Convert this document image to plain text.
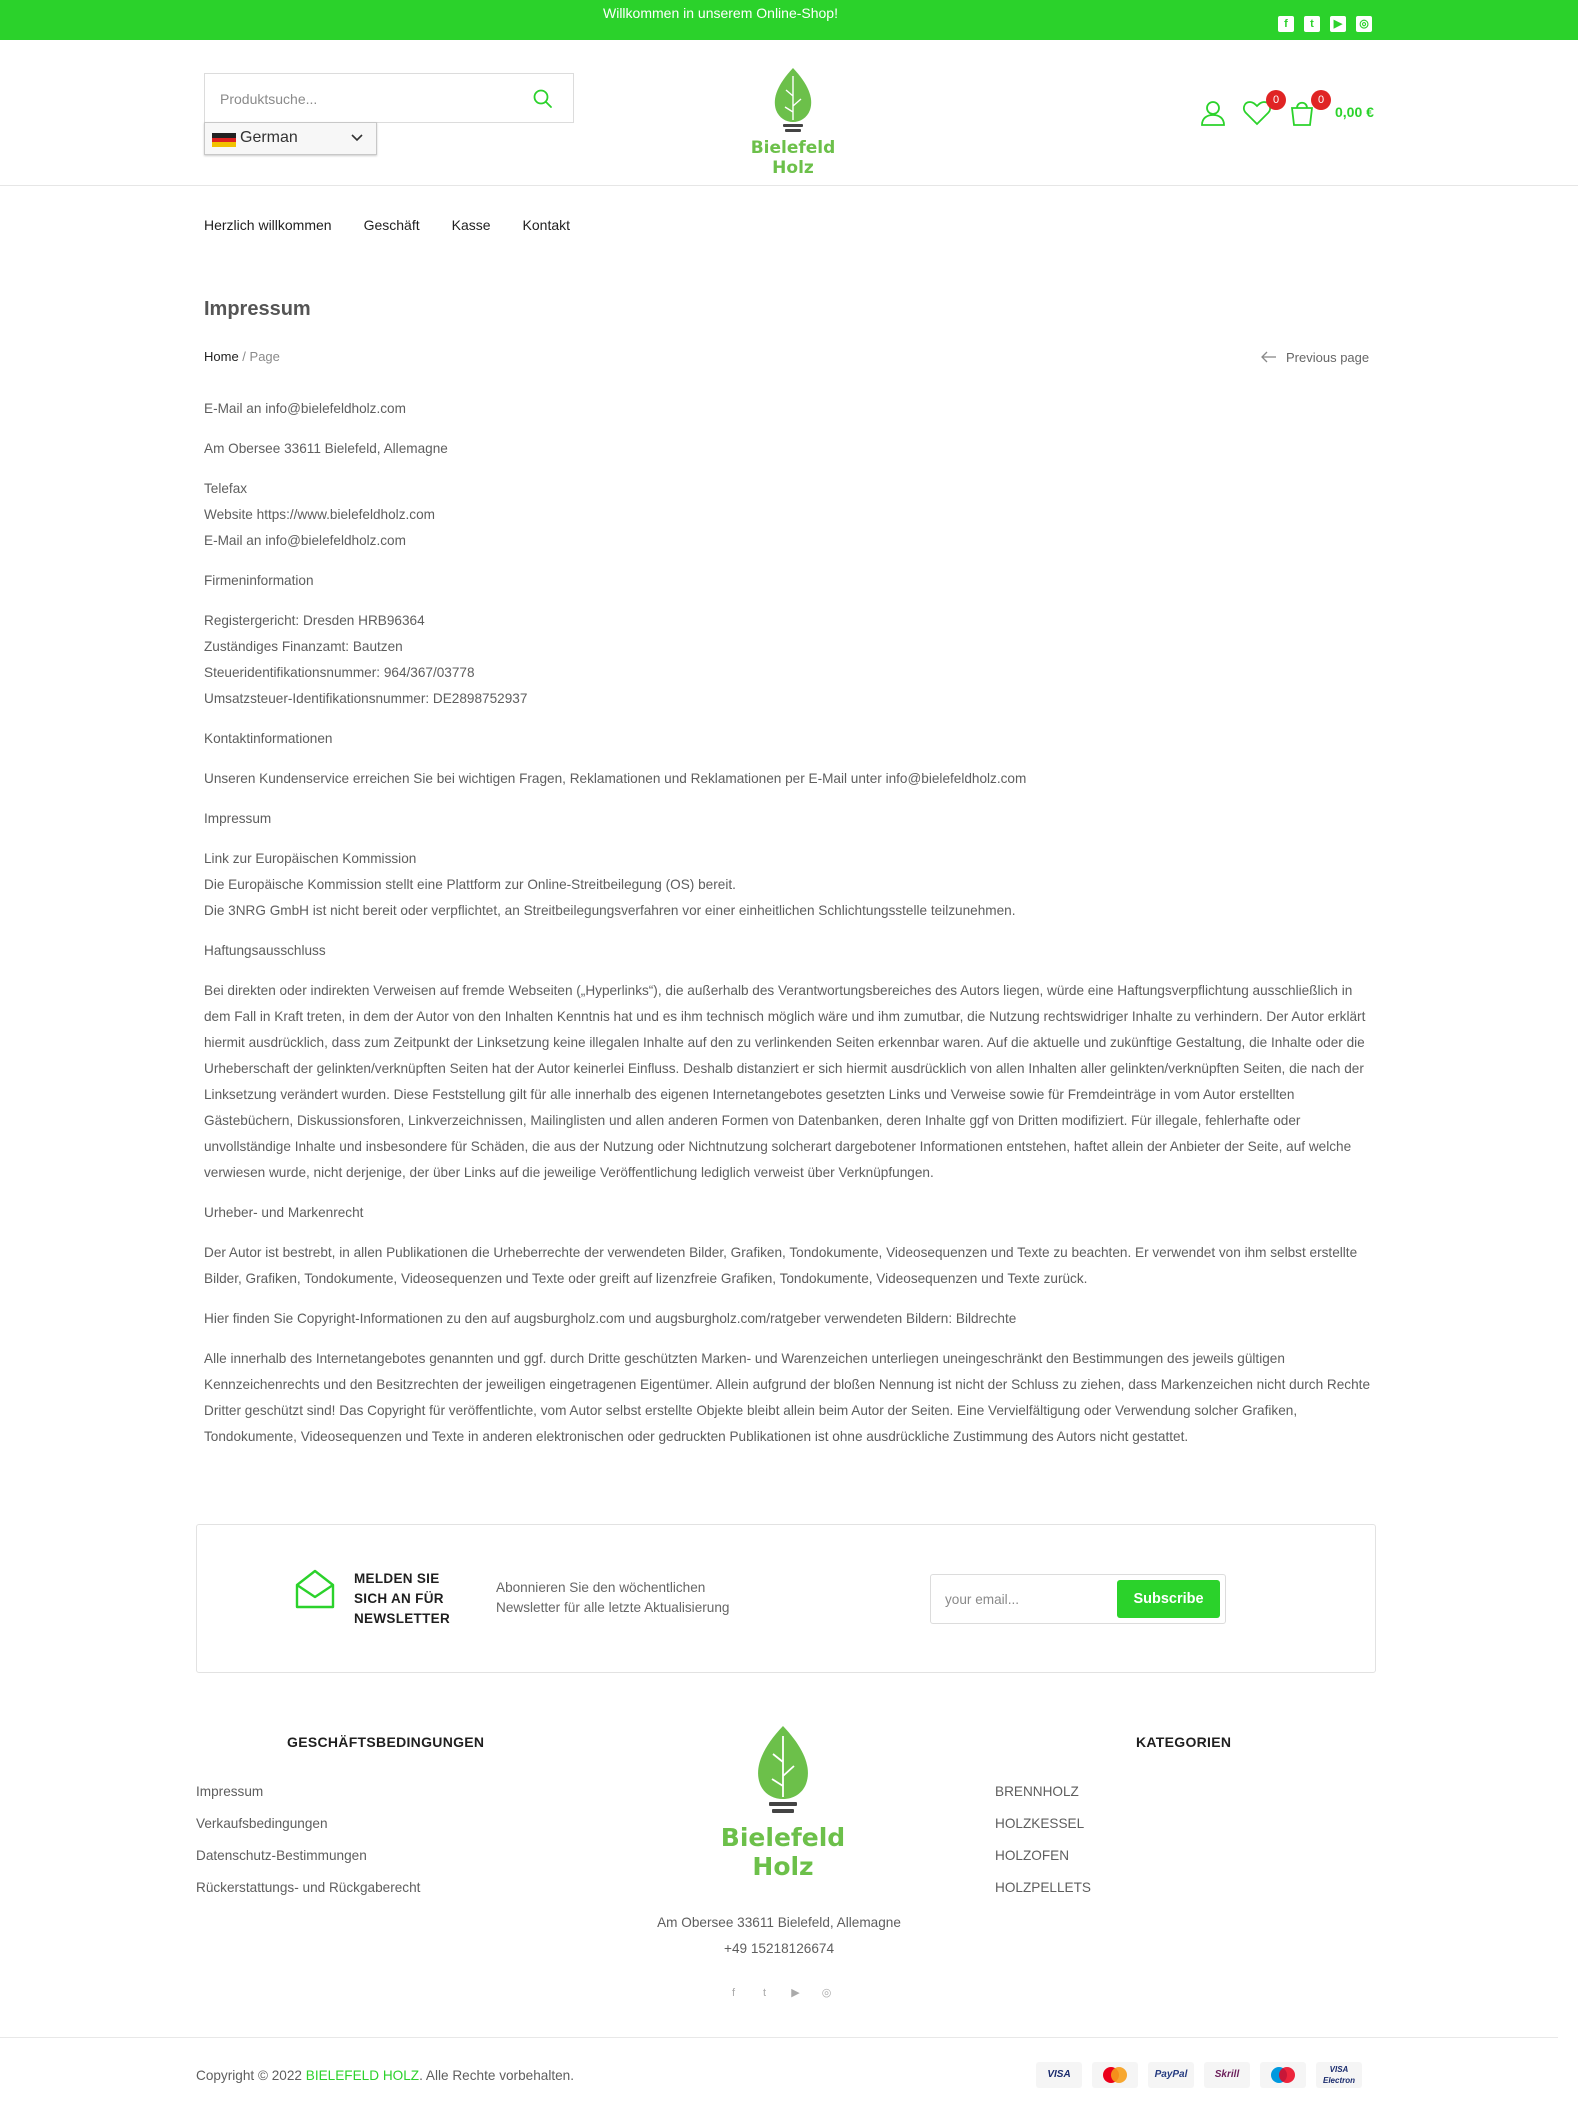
Willkommen in unserem Online-Shop!
f	t	▶	◎
Produktsuche...
German
Bielefeld Holz
0	0
0,00 €
Herzlich willkommen Geschäft Kasse Kontakt
Impressum
Home / Page	Previous page

E-Mail an info@bielefeldholz.com

Am Obersee 33611 Bielefeld, Allemagne

Telefax
Website https://www.bielefeldholz.com
E-Mail an info@bielefeldholz.com

Firmeninformation

Registergericht: Dresden HRB96364
Zuständiges Finanzamt: Bautzen
Steueridentifikationsnummer: 964/367/03778
Umsatzsteuer-Identifikationsnummer: DE2898752937

Kontaktinformationen

Unseren Kundenservice erreichen Sie bei wichtigen Fragen, Reklamationen und Reklamationen per E-Mail unter info@bielefeldholz.com

Impressum

Link zur Europäischen Kommission
Die Europäische Kommission stellt eine Plattform zur Online-Streitbeilegung (OS) bereit.
Die 3NRG GmbH ist nicht bereit oder verpflichtet, an Streitbeilegungsverfahren vor einer einheitlichen Schlichtungsstelle teilzunehmen.

Haftungsausschluss

Bei direkten oder indirekten Verweisen auf fremde Webseiten („Hyperlinks“), die außerhalb des Verantwortungsbereiches des Autors liegen, würde eine Haftungsverpflichtung ausschließlich in dem Fall in Kraft treten, in dem der Autor von den Inhalten Kenntnis hat und es ihm technisch möglich wäre und ihm zumutbar, die Nutzung rechtswidriger Inhalte zu verhindern. Der Autor erklärt hiermit ausdrücklich, dass zum Zeitpunkt der Linksetzung keine illegalen Inhalte auf den zu verlinkenden Seiten erkennbar waren. Auf die aktuelle und zukünftige Gestaltung, die Inhalte oder die Urheberschaft der gelinkten/verknüpften Seiten hat der Autor keinerlei Einfluss. Deshalb distanziert er sich hiermit ausdrücklich von allen Inhalten aller gelinkten/verknüpften Seiten, die nach der Linksetzung verändert wurden. Diese Feststellung gilt für alle innerhalb des eigenen Internetangebotes gesetzten Links und Verweise sowie für Fremdeinträge in vom Autor erstellten Gästebüchern, Diskussionsforen, Linkverzeichnissen, Mailinglisten und allen anderen Formen von Datenbanken, deren Inhalte ggf von Dritten modifiziert. Für illegale, fehlerhafte oder unvollständige Inhalte und insbesondere für Schäden, die aus der Nutzung oder Nichtnutzung solcherart dargebotener Informationen entstehen, haftet allein der Anbieter der Seite, auf welche verwiesen wurde, nicht derjenige, der über Links auf die jeweilige Veröffentlichung lediglich verweist über Verknüpfungen.

Urheber- und Markenrecht

Der Autor ist bestrebt, in allen Publikationen die Urheberrechte der verwendeten Bilder, Grafiken, Tondokumente, Videosequenzen und Texte zu beachten. Er verwendet von ihm selbst erstellte Bilder, Grafiken, Tondokumente, Videosequenzen und Texte oder greift auf lizenzfreie Grafiken, Tondokumente, Videosequenzen und Texte zurück.

Hier finden Sie Copyright-Informationen zu den auf augsburgholz.com und augsburgholz.com/ratgeber verwendeten Bildern: Bildrechte

Alle innerhalb des Internetangebotes genannten und ggf. durch Dritte geschützten Marken- und Warenzeichen unterliegen uneingeschränkt den Bestimmungen des jeweils gültigen Kennzeichenrechts und den Besitzrechten der jeweiligen eingetragenen Eigentümer. Allein aufgrund der bloßen Nennung ist nicht der Schluss zu ziehen, dass Markenzeichen nicht durch Rechte Dritter geschützt sind! Das Copyright für veröffentlichte, vom Autor selbst erstellte Objekte bleibt allein beim Autor der Seiten. Eine Vervielfältigung oder Verwendung solcher Grafiken, Tondokumente, Videosequenzen und Texte in anderen elektronischen oder gedruckten Publikationen ist ohne ausdrückliche Zustimmung des Autors nicht gestattet.

MELDEN SIE SICH AN FÜR NEWSLETTER
Abonnieren Sie den wöchentlichen Newsletter für alle letzte Aktualisierung
your email...
Subscribe
GESCHÄFTSBEDINGUNGEN
Impressum
Verkaufsbedingungen
Datenschutz-Bestimmungen
Rückerstattungs- und Rückgaberecht
Bielefeld Holz
KATEGORIEN
BRENNHOLZ
HOLZKESSEL
HOLZOFEN
HOLZPELLETS
Am Obersee 33611 Bielefeld, Allemagne
+49 15218126674
f	t	▶ ◎
Copyright © 2022 BIELEFELD HOLZ. Alle Rechte vorbehalten.	VISA	PayPal	Skrill	VISA
Electron
